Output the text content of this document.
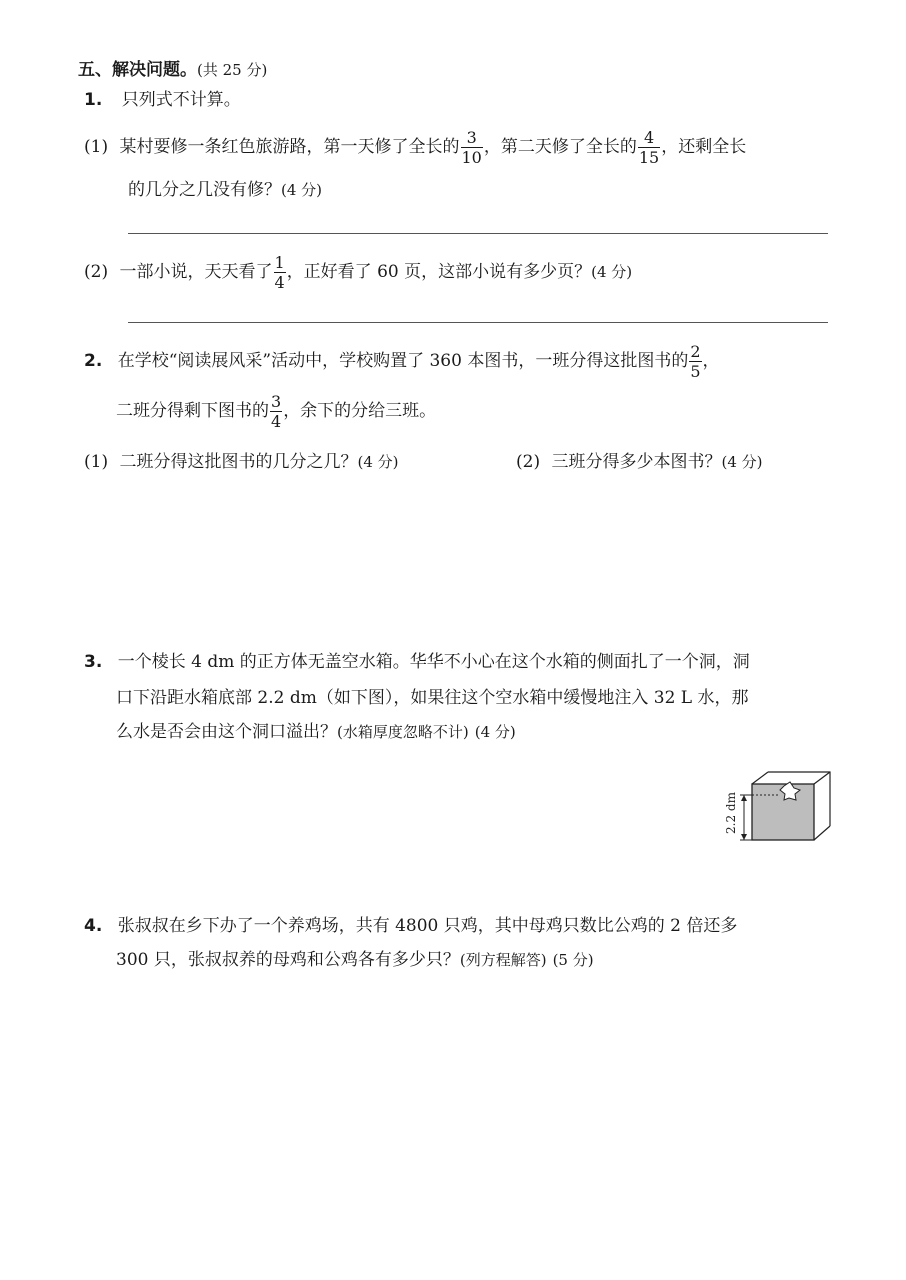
五、解决问题。(共 25 分)
1. 只列式不计算。
(1) 某村要修一条红色旅游路，第一天修了全长的 $\frac{3}{10}$ ，第二天修了全长的 $\frac{4}{15}$ ，还剩全长
的几分之几没有修？(4 分)
(2) 一部小说，天天看了 $\frac{1}{4}$ ，正好看了 60 页，这部小说有多少页？(4 分)
2. 在学校“阅读展风采”活动中，学校购置了 360 本图书，一班分得这批图书的 $\frac{2}{5}$ ，
二班分得剩下图书的 $\frac{3}{4}$ ，余下的分给三班。
(1) 二班分得这批图书的几分之几？(4 分)	(2) 三班分得多少本图书？(4 分)
3. 一个棱长 4 dm 的正方体无盖空水箱。华华不小心在这个水箱的侧面扎了一个洞，洞
口下沿距水箱底部 2.2 dm（如下图），如果往这个空水箱中缓慢地注入 32 L 水，那
么水是否会由这个洞口溢出？(水箱厚度忽略不计) (4 分)
2.2 dm
4. 张叔叔在乡下办了一个养鸡场，共有 4800 只鸡，其中母鸡只数比公鸡的 2 倍还多
300 只，张叔叔养的母鸡和公鸡各有多少只？(列方程解答) (5 分)
